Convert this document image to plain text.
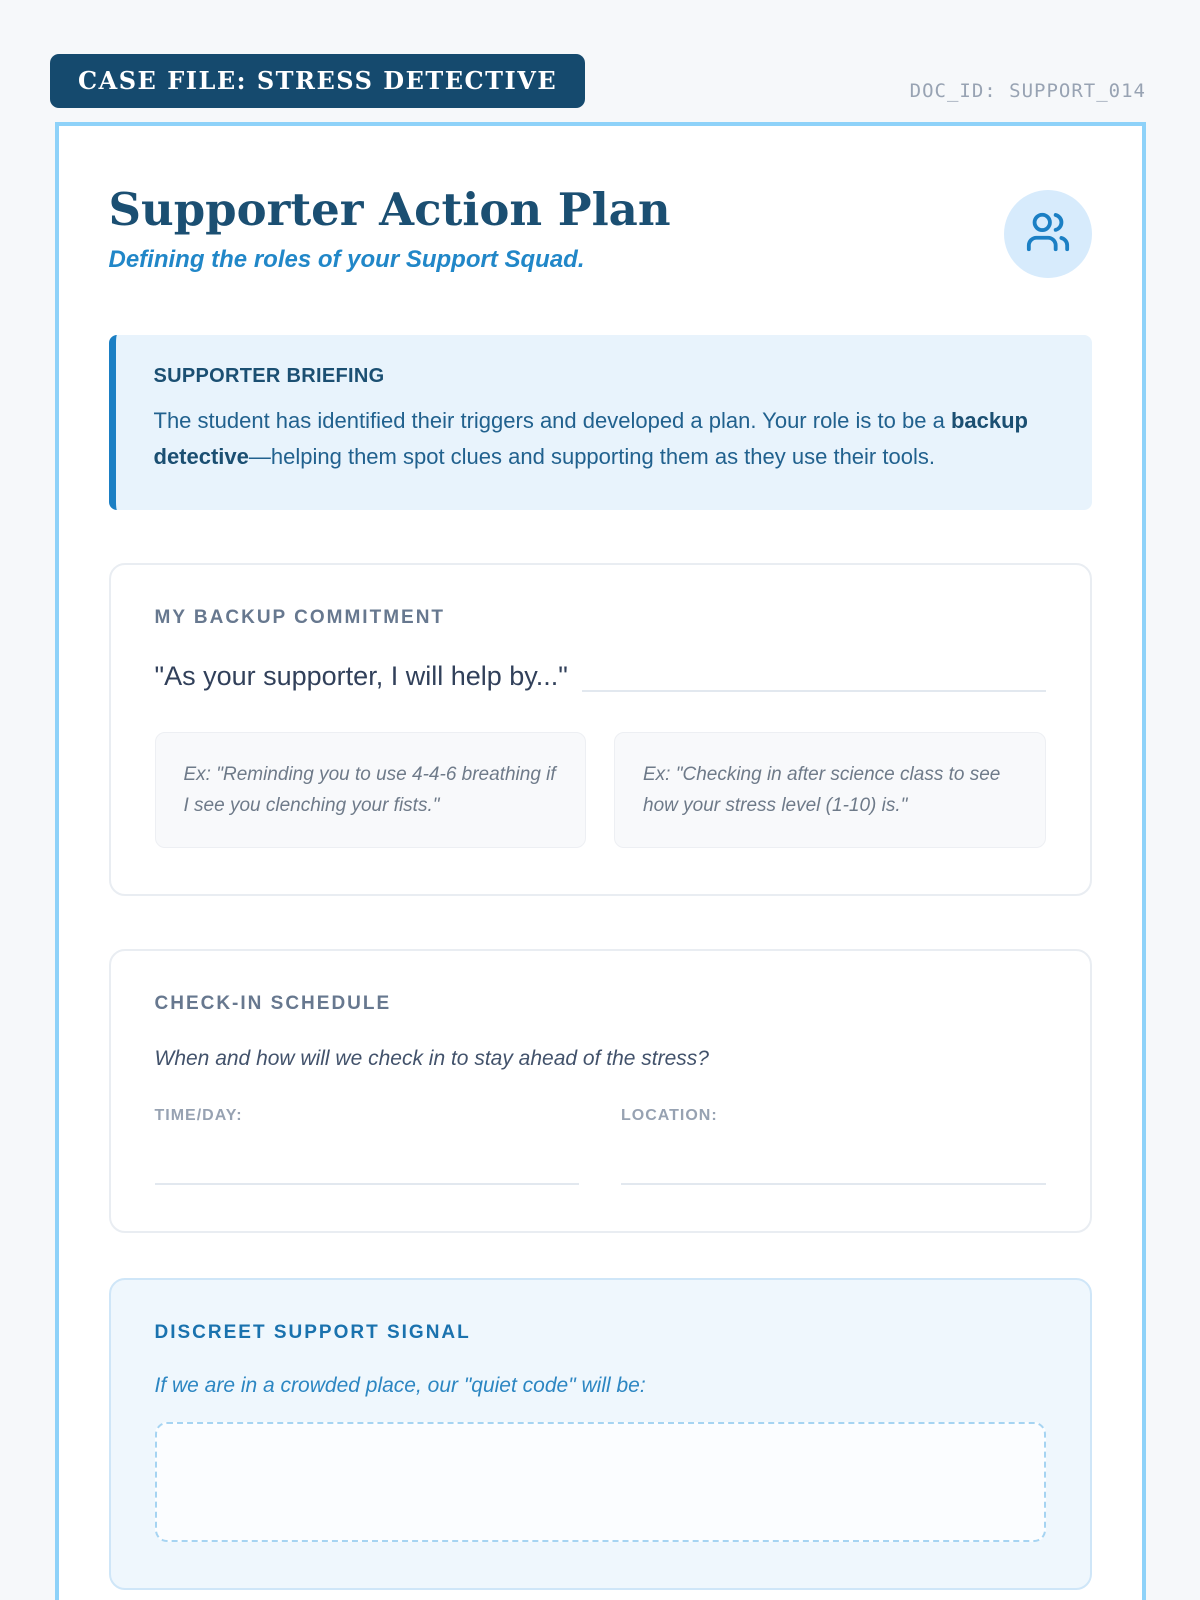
CASE FILE: STRESS DETECTIVE	DOC_ID: SUPPORT_014
Supporter Action Plan
Defining the roles of your Support Squad.
SUPPORTER BRIEFING
The student has identified their triggers and developed a plan. Your role is to be a backup detective—helping them spot clues and supporting them as they use their tools.
MY BACKUP COMMITMENT
"As your supporter, I will help by..."
Ex: "Reminding you to use 4-4-6 breathing if I see you clenching your fists."
Ex: "Checking in after science class to see how your stress level (1-10) is."
CHECK-IN SCHEDULE
When and how will we check in to stay ahead of the stress?
TIME/DAY:	LOCATION:
DISCREET SUPPORT SIGNAL
If we are in a crowded place, our "quiet code" will be:
